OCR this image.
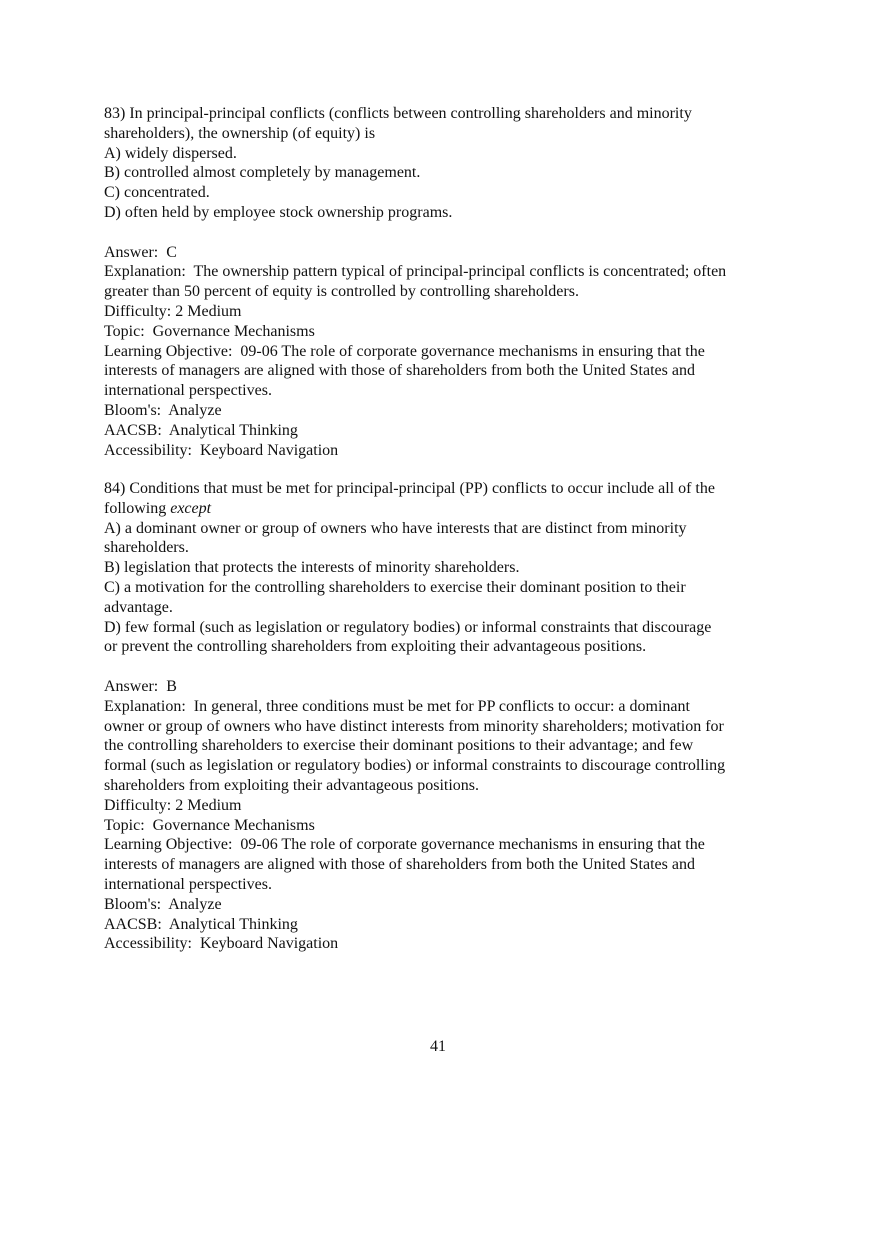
83) In principal-principal conflicts (conflicts between controlling shareholders and minority
shareholders), the ownership (of equity) is
A) widely dispersed.
B) controlled almost completely by management.
C) concentrated.
D) often held by employee stock ownership programs.
Answer:  C
Explanation:  The ownership pattern typical of principal-principal conflicts is concentrated; often
greater than 50 percent of equity is controlled by controlling shareholders.
Difficulty: 2 Medium
Topic:  Governance Mechanisms
Learning Objective:  09-06 The role of corporate governance mechanisms in ensuring that the
interests of managers are aligned with those of shareholders from both the United States and
international perspectives.
Bloom's:  Analyze
AACSB:  Analytical Thinking
Accessibility:  Keyboard Navigation
84) Conditions that must be met for principal-principal (PP) conflicts to occur include all of the
following except
A) a dominant owner or group of owners who have interests that are distinct from minority
shareholders.
B) legislation that protects the interests of minority shareholders.
C) a motivation for the controlling shareholders to exercise their dominant position to their
advantage.
D) few formal (such as legislation or regulatory bodies) or informal constraints that discourage
or prevent the controlling shareholders from exploiting their advantageous positions.
Answer:  B
Explanation:  In general, three conditions must be met for PP conflicts to occur: a dominant
owner or group of owners who have distinct interests from minority shareholders; motivation for
the controlling shareholders to exercise their dominant positions to their advantage; and few
formal (such as legislation or regulatory bodies) or informal constraints to discourage controlling
shareholders from exploiting their advantageous positions.
Difficulty: 2 Medium
Topic:  Governance Mechanisms
Learning Objective:  09-06 The role of corporate governance mechanisms in ensuring that the
interests of managers are aligned with those of shareholders from both the United States and
international perspectives.
Bloom's:  Analyze
AACSB:  Analytical Thinking
Accessibility:  Keyboard Navigation
41
